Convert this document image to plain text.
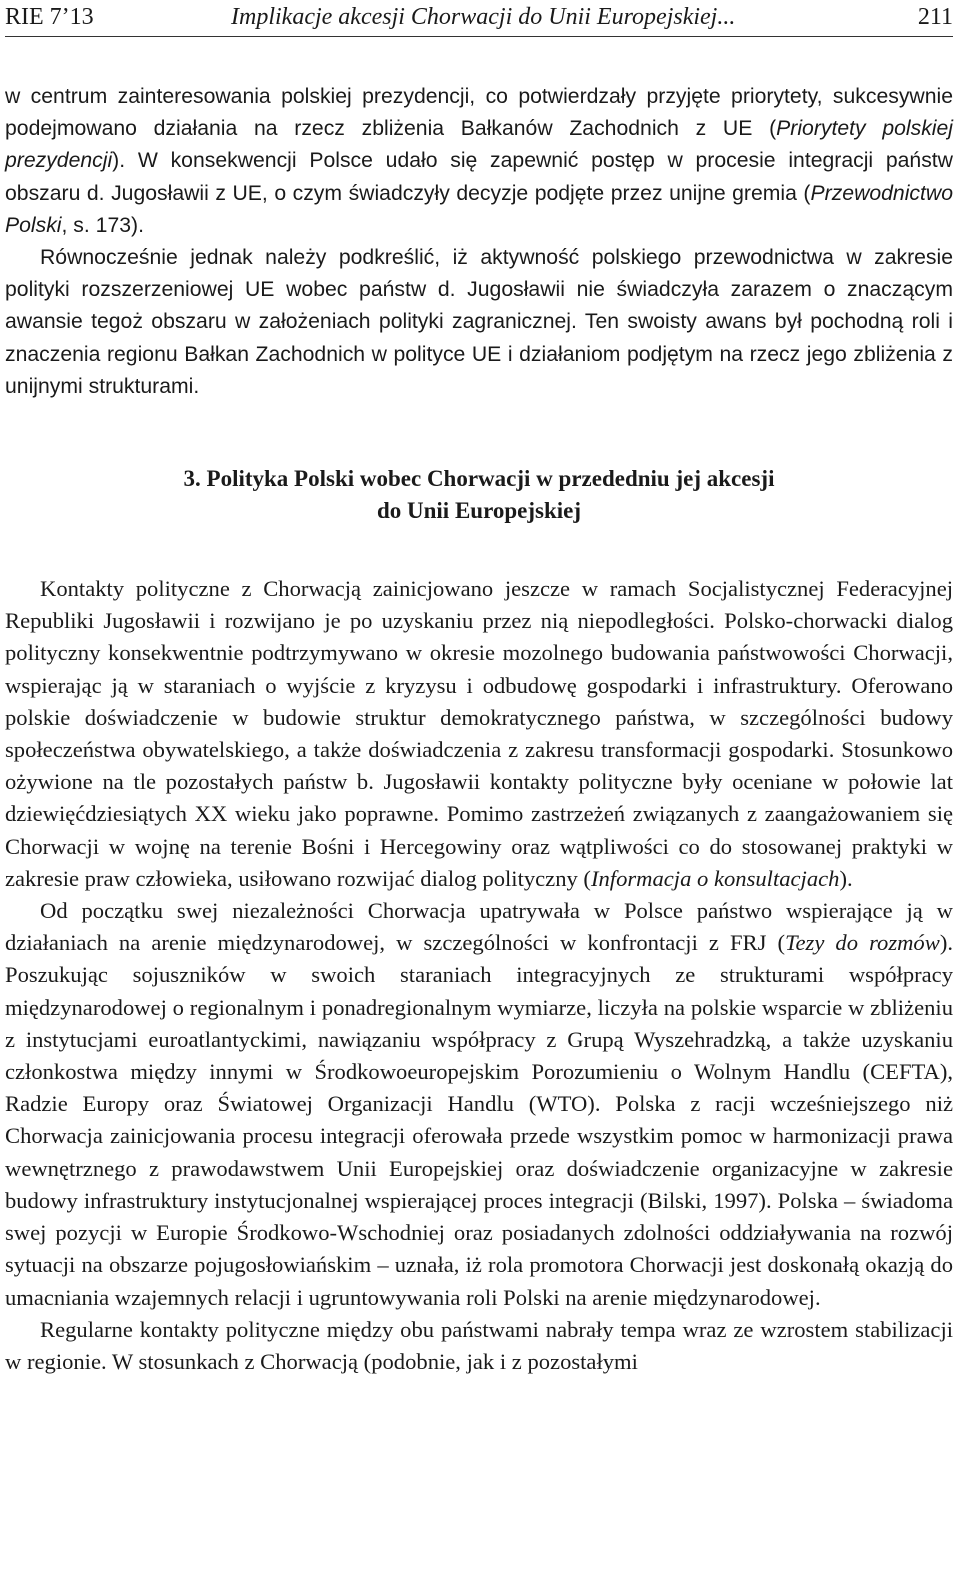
RIE 7’13	Implikacje akcesji Chorwacji do Unii Europejskiej...	211

w centrum zainteresowania polskiej prezydencji, co potwierdzały przyjęte priorytety, sukcesywnie podejmowano działania na rzecz zbliżenia Bałkanów Zachodnich z UE (Priorytety polskiej prezydencji). W konsekwencji Polsce udało się zapewnić postęp w procesie integracji państw obszaru d. Jugosławii z UE, o czym świadczyły decyzje podjęte przez unijne gremia (Przewodnictwo Polski, s. 173).

Równocześnie jednak należy podkreślić, iż aktywność polskiego przewodnictwa w zakresie polityki rozszerzeniowej UE wobec państw d. Jugosławii nie świadczyła zarazem o znaczącym awansie tegoż obszaru w założeniach polityki zagranicznej. Ten swoisty awans był pochodną roli i znaczenia regionu Bałkan Zachodnich w polityce UE i działaniom podjętym na rzecz jego zbliżenia z unijnymi strukturami.

3. Polityka Polski wobec Chorwacji w przededniu jej akcesji
do Unii Europejskiej

Kontakty polityczne z Chorwacją zainicjowano jeszcze w ramach Socjalistycznej Federacyjnej Republiki Jugosławii i rozwijano je po uzyskaniu przez nią niepodległości. Polsko-chorwacki dialog polityczny konsekwentnie podtrzymywano w okresie mozolnego budowania państwowości Chorwacji, wspierając ją w staraniach o wyjście z kryzysu i odbudowę gospodarki i infrastruktury. Oferowano polskie doświadczenie w budowie struktur demokratycznego państwa, w szczególności budowy społeczeństwa obywatelskiego, a także doświadczenia z zakresu transformacji gospodarki. Stosunkowo ożywione na tle pozostałych państw b. Jugosławii kontakty polityczne były oceniane w połowie lat dziewięćdziesiątych XX wieku jako poprawne. Pomimo zastrzeżeń związanych z zaangażowaniem się Chorwacji w wojnę na terenie Bośni i Hercegowiny oraz wątpliwości co do stosowanej praktyki w zakresie praw człowieka, usiłowano rozwijać dialog polityczny (Informacja o konsultacjach).

Od początku swej niezależności Chorwacja upatrywała w Polsce państwo wspierające ją w działaniach na arenie międzynarodowej, w szczególności w konfrontacji z FRJ (Tezy do rozmów). Poszukując sojuszników w swoich staraniach integracyjnych ze strukturami współpracy międzynarodowej o regionalnym i ponadregionalnym wymiarze, liczyła na polskie wsparcie w zbliżeniu z instytucjami euroatlantyckimi, nawiązaniu współpracy z Grupą Wyszehradzką, a także uzyskaniu członkostwa między innymi w Środkowoeuropejskim Porozumieniu o Wolnym Handlu (CEFTA), Radzie Europy oraz Światowej Organizacji Handlu (WTO). Polska z racji wcześniejszego niż Chorwacja zainicjowania procesu integracji oferowała przede wszystkim pomoc w harmonizacji prawa wewnętrznego z prawodawstwem Unii Europejskiej oraz doświadczenie organizacyjne w zakresie budowy infrastruktury instytucjonalnej wspierającej proces integracji (Bilski, 1997). Polska – świadoma swej pozycji w Europie Środkowo-Wschodniej oraz posiadanych zdolności oddziaływania na rozwój sytuacji na obszarze pojugosłowiańskim – uznała, iż rola promotora Chorwacji jest doskonałą okazją do umacniania wzajemnych relacji i ugruntowywania roli Polski na arenie międzynarodowej.

Regularne kontakty polityczne między obu państwami nabrały tempa wraz ze wzrostem stabilizacji w regionie. W stosunkach z Chorwacją (podobnie, jak i z pozostałymi
